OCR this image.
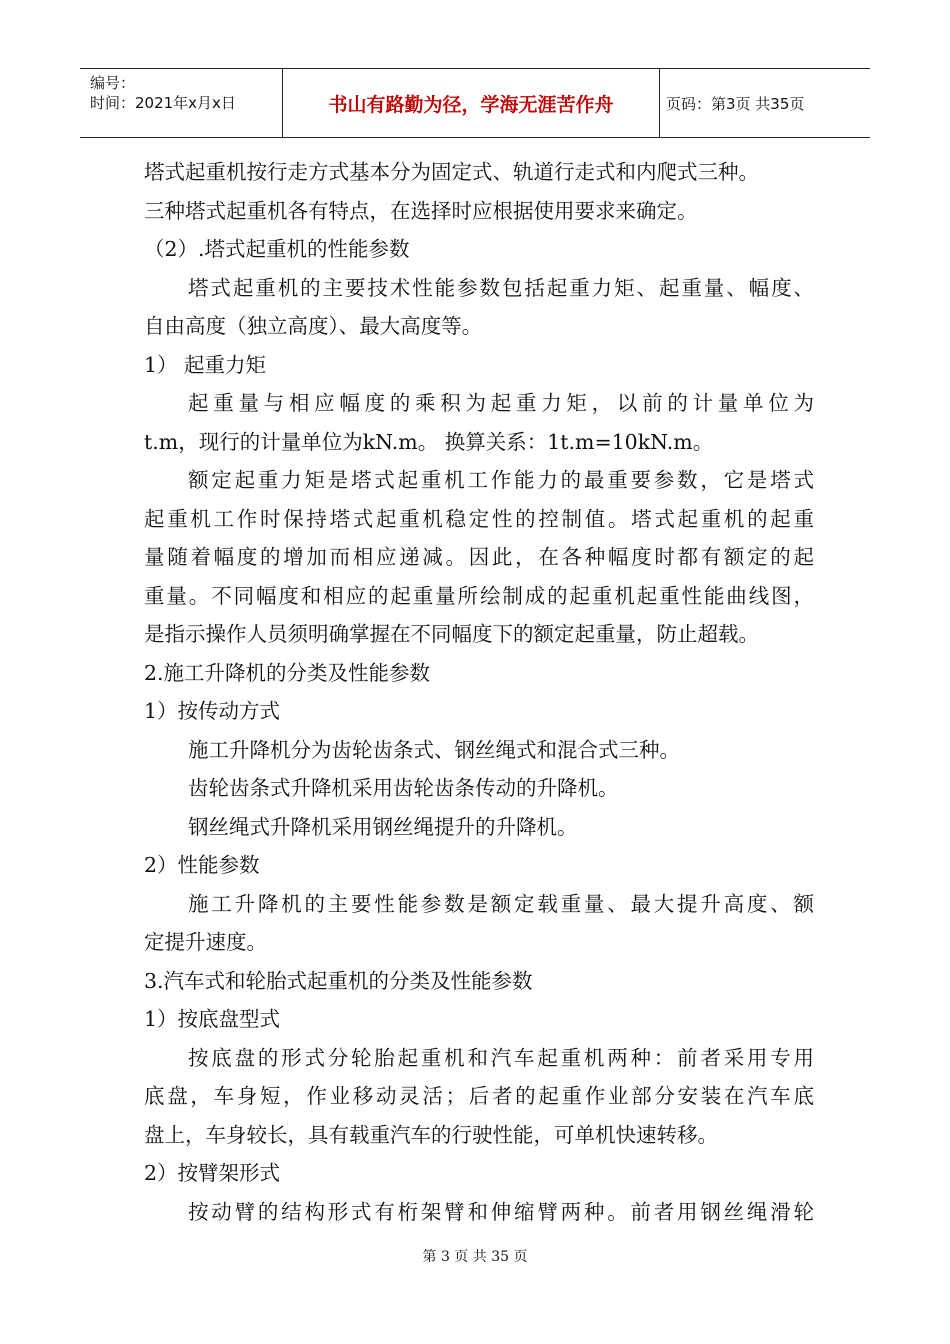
编号：
时间：2021年x月x日	书山有路勤为径，学海无涯苦作舟	页码：第3页 共35页
塔式起重机按行走方式基本分为固定式、轨道行走式和内爬式三种。
三种塔式起重机各有特点，在选择时应根据使用要求来确定。
（2）.塔式起重机的性能参数
塔式起重机的主要技术性能参数包括起重力矩、起重量、幅度、
自由高度（独立高度）、最大高度等。
1） 起重力矩
起重量与相应幅度的乘积为起重力矩，以前的计量单位为
t.m，现行的计量单位为kN.m。 换算关系：1t.m=10kN.m。
额定起重力矩是塔式起重机工作能力的最重要参数，它是塔式
起重机工作时保持塔式起重机稳定性的控制值。塔式起重机的起重
量随着幅度的增加而相应递减。因此，在各种幅度时都有额定的起
重量。不同幅度和相应的起重量所绘制成的起重机起重性能曲线图，
是指示操作人员须明确掌握在不同幅度下的额定起重量，防止超载。
2.施工升降机的分类及性能参数
1）按传动方式
施工升降机分为齿轮齿条式、钢丝绳式和混合式三种。
齿轮齿条式升降机采用齿轮齿条传动的升降机。
钢丝绳式升降机采用钢丝绳提升的升降机。
2）性能参数
施工升降机的主要性能参数是额定载重量、最大提升高度、额
定提升速度。
3.汽车式和轮胎式起重机的分类及性能参数
1）按底盘型式
按底盘的形式分轮胎起重机和汽车起重机两种：前者采用专用
底盘，车身短，作业移动灵活；后者的起重作业部分安装在汽车底
盘上，车身较长，具有载重汽车的行驶性能，可单机快速转移。
2）按臂架形式
按动臂的结构形式有桁架臂和伸缩臂两种。前者用钢丝绳滑轮
第 3 页 共 35 页
